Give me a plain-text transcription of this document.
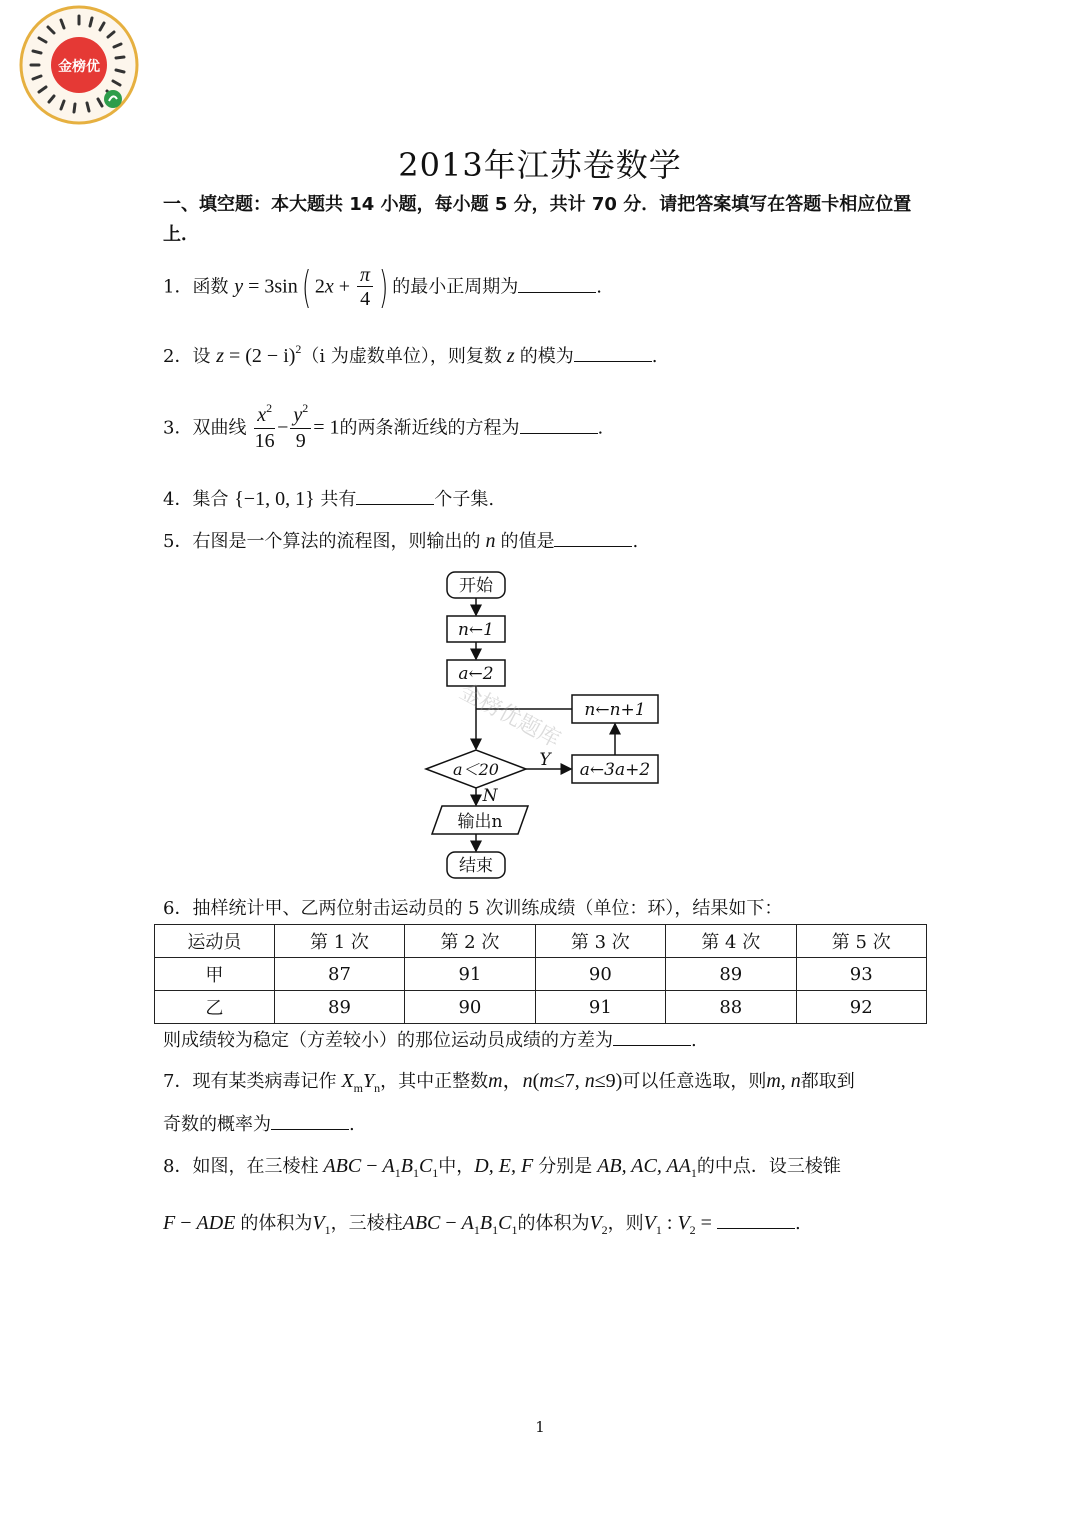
金榜优
2013年江苏卷数学
一、填空题：本大题共 14 小题，每小题 5 分，共计 70 分．请把答案填写在答题卡相应位置上．
1．函数 y = 3sin( $2x + \frac{\pi}{4}$ ) 的最小正周期为	.
2．设 $z = (2 - i)^2(i$ 为虚数单位），则复数 z 的模为	.
3．双曲线 $\frac{x^2}{16} - \frac{y^2}{9} = 1$的两条渐近线的方程为	.
4．集合 {−1, 0, 1} 共有	个子集.
5．右图是一个算法的流程图，则输出的 n 的值是	.
开始
n←1
a←2
n←n+1
a＜20 Y
N
a←3a+2
输出n
结束
金榜优题库
6．抽样统计甲、乙两位射击运动员的 5 次训练成绩（单位：环），结果如下：
运动员	第 1 次	第 2 次	第 3 次	第 4 次	第 5 次
甲	87	91	90	89	93
乙	89	90	91	88	92
则成绩较为稳定（方差较小）的那位运动员成绩的方差为	.
7．现有某类病毒记作 $X_mY_n$，其中正整数m，n(m≤7, n≤9)可以任意选取，则m, n都取到
奇数的概率为	.
8．如图，在三棱柱 ABC − $A_1B_1C_1$中，D, E, F 分别是 AB, AC, $AA_1$的中点．设三棱锥
F − ADE 的体积为$V_1$，三棱柱ABC − $A_1B_1C_1$的体积为$V_2$，则$V_1$ : $V_2$ =	.
1
